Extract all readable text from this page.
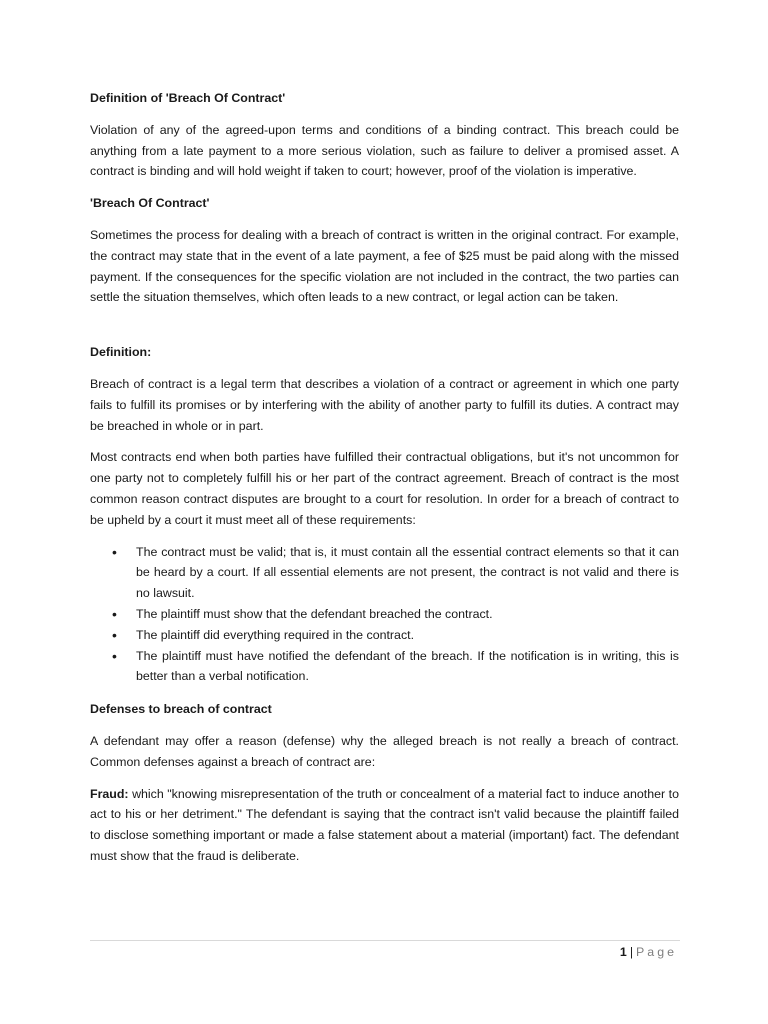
Definition of 'Breach Of Contract'

Violation of any of the agreed-upon terms and conditions of a binding contract. This breach could be anything from a late payment to a more serious violation, such as failure to deliver a promised asset. A contract is binding and will hold weight if taken to court; however, proof of the violation is imperative.

'Breach Of Contract'

Sometimes the process for dealing with a breach of contract is written in the original contract. For example, the contract may state that in the event of a late payment, a fee of $25 must be paid along with the missed payment. If the consequences for the specific violation are not included in the contract, the two parties can settle the situation themselves, which often leads to a new contract, or legal action can be taken.

Definition:

Breach of contract is a legal term that describes a violation of a contract or agreement in which one party fails to fulfill its promises or by interfering with the ability of another party to fulfill its duties. A contract may be breached in whole or in part.

Most contracts end when both parties have fulfilled their contractual obligations, but it's not uncommon for one party not to completely fulfill his or her part of the contract agreement. Breach of contract is the most common reason contract disputes are brought to a court for resolution. In order for a breach of contract to be upheld by a court it must meet all of these requirements:

• The contract must be valid; that is, it must contain all the essential contract elements so that it can be heard by a court. If all essential elements are not present, the contract is not valid and there is no lawsuit.
• The plaintiff must show that the defendant breached the contract.
• The plaintiff did everything required in the contract.
• The plaintiff must have notified the defendant of the breach. If the notification is in writing, this is better than a verbal notification.
Defenses to breach of contract

A defendant may offer a reason (defense) why the alleged breach is not really a breach of contract. Common defenses against a breach of contract are:

Fraud: which "knowing misrepresentation of the truth or concealment of a material fact to induce another to act to his or her detriment." The defendant is saying that the contract isn't valid because the plaintiff failed to disclose something important or made a false statement about a material (important) fact. The defendant must show that the fraud is deliberate.

1 | Page
